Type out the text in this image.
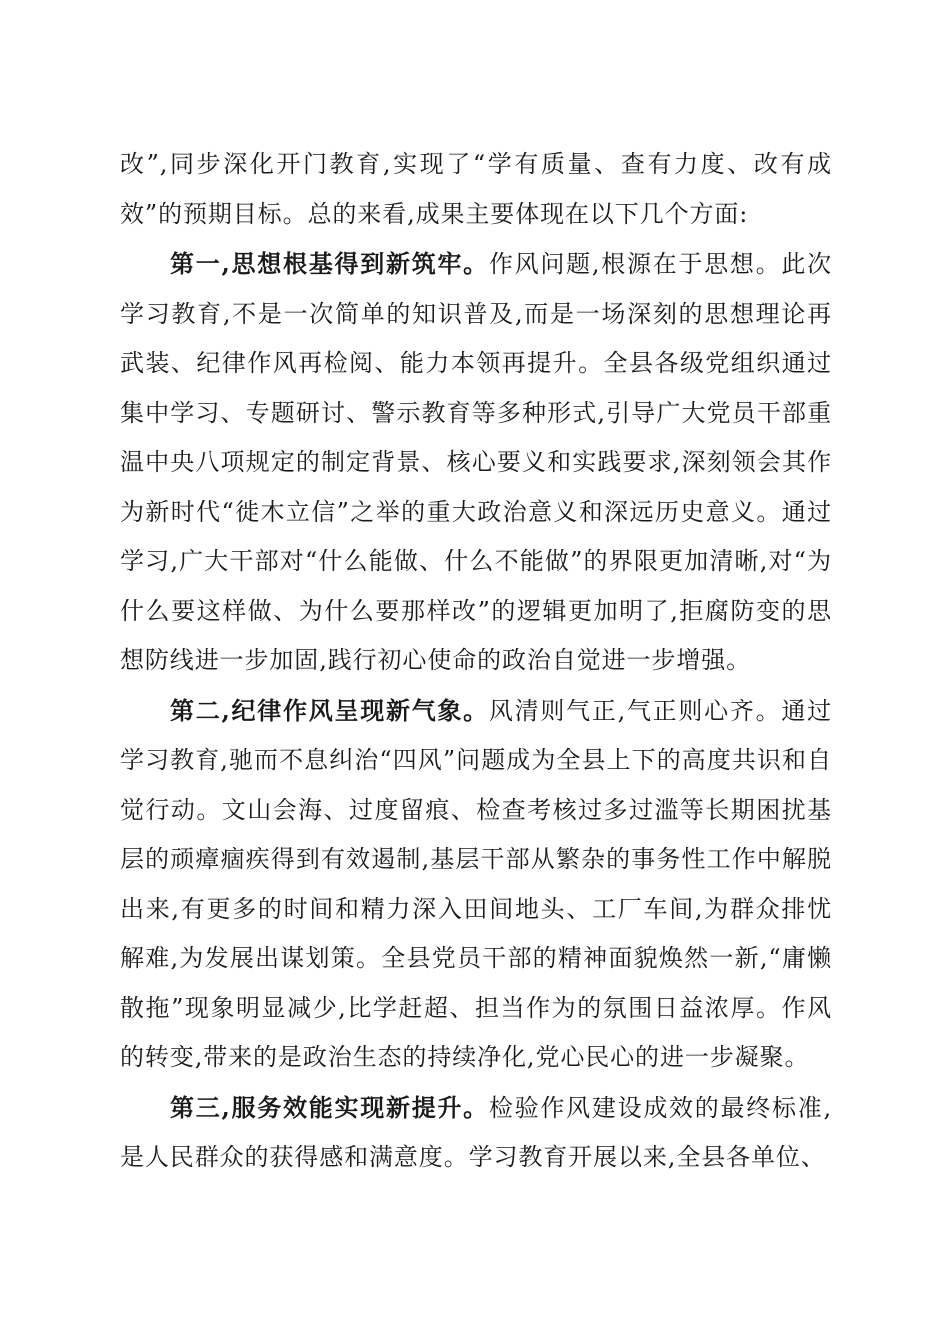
改”,同步深化开门教育,实现了“学有质量、查有力度、改有成效”的预期目标。总的来看,成果主要体现在以下几个方面:

第一,思想根基得到新筑牢。作风问题,根源在于思想。此次学习教育,不是一次简单的知识普及,而是一场深刻的思想理论再武装、纪律作风再检阅、能力本领再提升。全县各级党组织通过集中学习、专题研讨、警示教育等多种形式,引导广大党员干部重温中央八项规定的制定背景、核心要义和实践要求,深刻领会其作为新时代“徙木立信”之举的重大政治意义和深远历史意义。通过学习,广大干部对“什么能做、什么不能做”的界限更加清晰,对“为什么要这样做、为什么要那样改”的逻辑更加明了,拒腐防变的思想防线进一步加固,践行初心使命的政治自觉进一步增强。

第二,纪律作风呈现新气象。风清则气正,气正则心齐。通过学习教育,驰而不息纠治“四风”问题成为全县上下的高度共识和自觉行动。文山会海、过度留痕、检查考核过多过滥等长期困扰基层的顽瘴痼疾得到有效遏制,基层干部从繁杂的事务性工作中解脱出来,有更多的时间和精力深入田间地头、工厂车间,为群众排忧解难,为发展出谋划策。全县党员干部的精神面貌焕然一新,“庸懒散拖”现象明显减少,比学赶超、担当作为的氛围日益浓厚。作风的转变,带来的是政治生态的持续净化,党心民心的进一步凝聚。

第三,服务效能实现新提升。检验作风建设成效的最终标准,是人民群众的获得感和满意度。学习教育开展以来,全县各单位、
